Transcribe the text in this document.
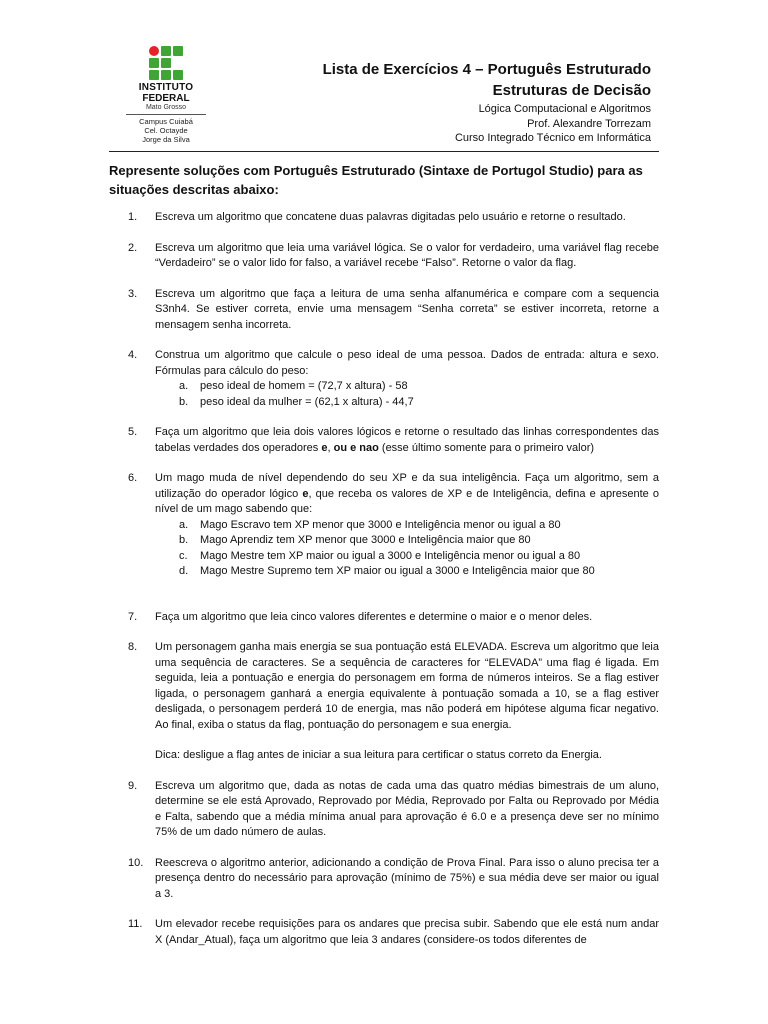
INSTITUTO
FEDERAL
Mato Grosso
Campus Cuiabá
Cel. Octayde
Jorge da Silva
Lista de Exercícios 4 – Português Estruturado
Estruturas de Decisão
Lógica Computacional e Algoritmos
Prof. Alexandre Torrezam
Curso Integrado Técnico em Informática
Represente soluções com Português Estruturado (Sintaxe de Portugol Studio) para as situações descritas abaixo:
1.	Escreva um algoritmo que concatene duas palavras digitadas pelo usuário e retorne o resultado.

2.	Escreva um algoritmo que leia uma variável lógica. Se o valor for verdadeiro, uma variável flag recebe “Verdadeiro” se o valor lido for falso, a variável recebe “Falso”. Retorne o valor da flag.

3.	Escreva um algoritmo que faça a leitura de uma senha alfanumérica e compare com a sequencia S3nh4. Se estiver correta, envie uma mensagem “Senha correta” se estiver incorreta, retorne a mensagem senha incorreta.

4.	Construa um algoritmo que calcule o peso ideal de uma pessoa. Dados de entrada: altura e sexo. Fórmulas para cálculo do peso:

a.	peso ideal de homem = (72,7 x altura) - 58
b.	peso ideal da mulher = (62,1 x altura) - 44,7
5.	Faça um algoritmo que leia dois valores lógicos e retorne o resultado das linhas correspondentes das tabelas verdades dos operadores e, ou e nao (esse último somente para o primeiro valor)

6.	Um mago muda de nível dependendo do seu XP e da sua inteligência. Faça um algoritmo, sem a utilização do operador lógico e, que receba os valores de XP e de Inteligência, defina e apresente o nível de um mago sabendo que:

a.	Mago Escravo tem XP menor que 3000 e Inteligência menor ou igual a 80
b.	Mago Aprendiz tem XP menor que 3000 e Inteligência maior que 80
c.	Mago Mestre tem XP maior ou igual a 3000 e Inteligência menor ou igual a 80
d.	Mago Mestre Supremo tem XP maior ou igual a 3000 e Inteligência maior que 80
7.	Faça um algoritmo que leia cinco valores diferentes e determine o maior e o menor deles.

8.	Um personagem ganha mais energia se sua pontuação está ELEVADA. Escreva um algoritmo que leia uma sequência de caracteres. Se a sequência de caracteres for “ELEVADA” uma flag é ligada. Em seguida, leia a pontuação e energia do personagem em forma de números inteiros. Se a flag estiver ligada, o personagem ganhará a energia equivalente à pontuação somada a 10, se a flag estiver desligada, o personagem perderá 10 de energia, mas não poderá em hipótese alguma ficar negativo. Ao final, exiba o status da flag, pontuação do personagem e sua energia.

Dica: desligue a flag antes de iniciar a sua leitura para certificar o status correto da Energia.

9.	Escreva um algoritmo que, dada as notas de cada uma das quatro médias bimestrais de um aluno, determine se ele está Aprovado, Reprovado por Média, Reprovado por Falta ou Reprovado por Média e Falta, sabendo que a média mínima anual para aprovação é 6.0 e a presença deve ser no mínimo 75% de um dado número de aulas.

10.	Reescreva o algoritmo anterior, adicionando a condição de Prova Final. Para isso o aluno precisa ter a presença dentro do necessário para aprovação (mínimo de 75%) e sua média deve ser maior ou igual a 3.

11.	Um elevador recebe requisições para os andares que precisa subir. Sabendo que ele está num andar X (Andar_Atual), faça um algoritmo que leia 3 andares (considere-os todos diferentes de
